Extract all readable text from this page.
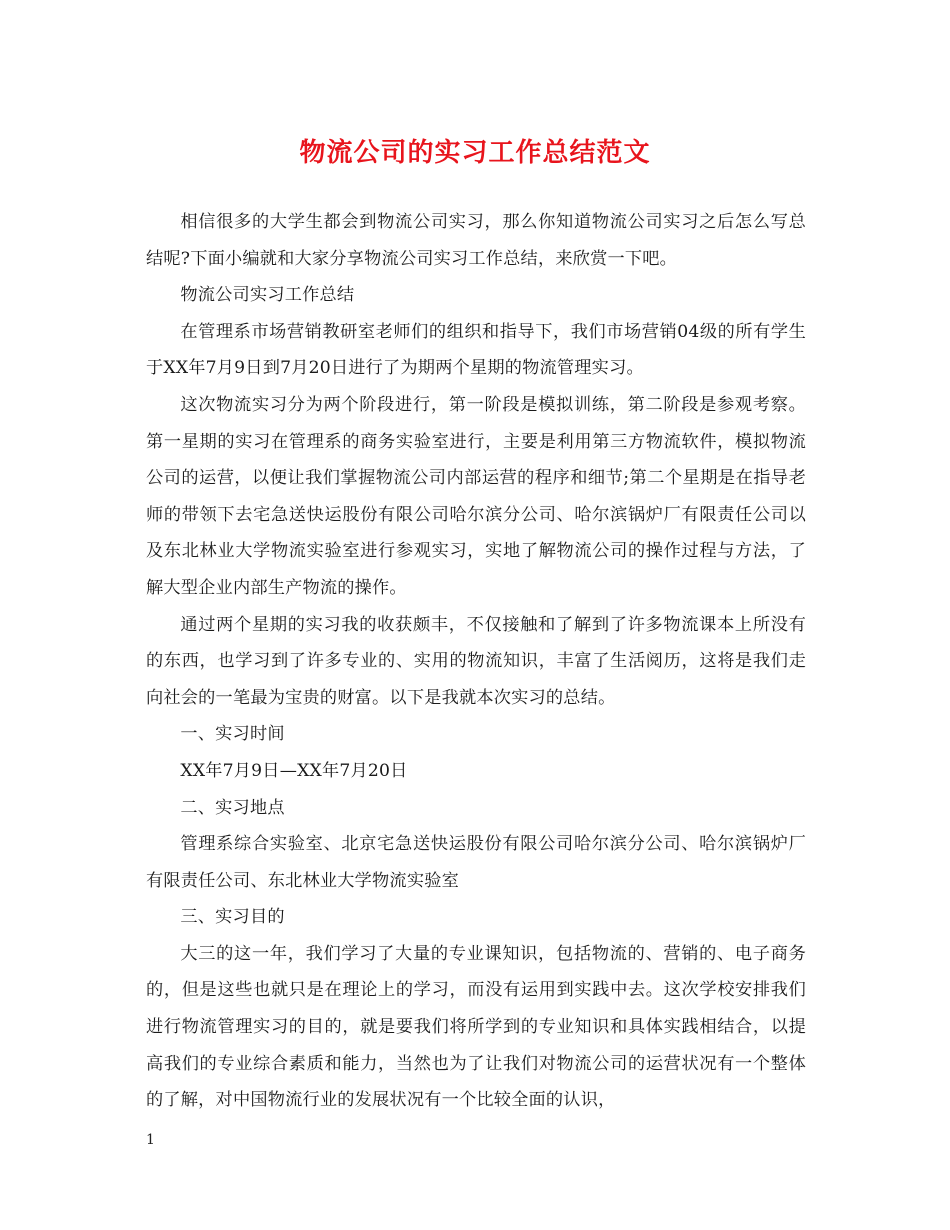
物流公司的实习工作总结范文

相信很多的大学生都会到物流公司实习，那么你知道物流公司实习之后怎么写总结呢?下面小编就和大家分享物流公司实习工作总结，来欣赏一下吧。

物流公司实习工作总结

在管理系市场营销教研室老师们的组织和指导下，我们市场营销04级的所有学生于XX年7月9日到7月20日进行了为期两个星期的物流管理实习。

这次物流实习分为两个阶段进行，第一阶段是模拟训练，第二阶段是参观考察。第一星期的实习在管理系的商务实验室进行，主要是利用第三方物流软件，模拟物流公司的运营，以便让我们掌握物流公司内部运营的程序和细节;第二个星期是在指导老师的带领下去宅急送快运股份有限公司哈尔滨分公司、哈尔滨锅炉厂有限责任公司以及东北林业大学物流实验室进行参观实习，实地了解物流公司的操作过程与方法，了解大型企业内部生产物流的操作。

通过两个星期的实习我的收获颇丰，不仅接触和了解到了许多物流课本上所没有的东西，也学习到了许多专业的、实用的物流知识，丰富了生活阅历，这将是我们走向社会的一笔最为宝贵的财富。以下是我就本次实习的总结。

一、实习时间

XX年7月9日—XX年7月20日

二、实习地点

管理系综合实验室、北京宅急送快运股份有限公司哈尔滨分公司、哈尔滨锅炉厂有限责任公司、东北林业大学物流实验室

三、实习目的

大三的这一年，我们学习了大量的专业课知识，包括物流的、营销的、电子商务的，但是这些也就只是在理论上的学习，而没有运用到实践中去。这次学校安排我们进行物流管理实习的目的，就是要我们将所学到的专业知识和具体实践相结合，以提高我们的专业综合素质和能力，当然也为了让我们对物流公司的运营状况有一个整体的了解，对中国物流行业的发展状况有一个比较全面的认识，

1
